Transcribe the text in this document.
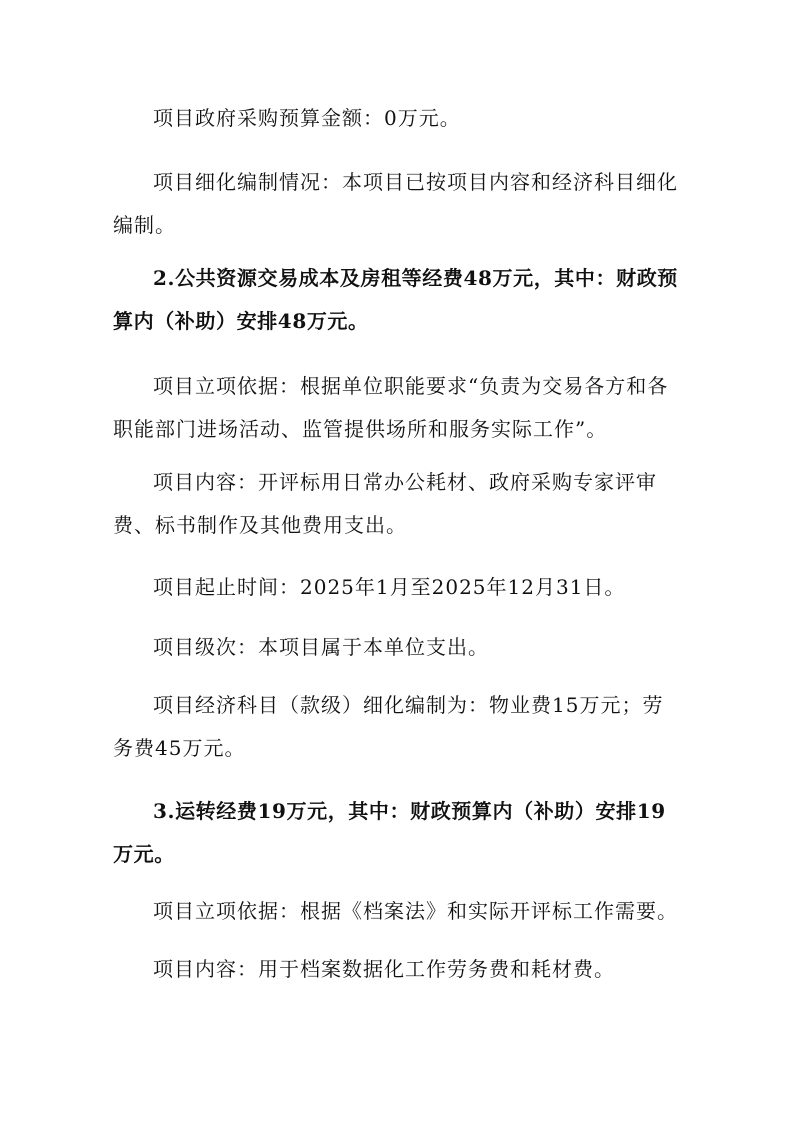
项目政府采购预算金额：0万元。

项目细化编制情况：本项目已按项目内容和经济科目细化编制。

2.公共资源交易成本及房租等经费48万元，其中：财政预算内（补助）安排48万元。

项目立项依据：根据单位职能要求“负责为交易各方和各职能部门进场活动、监管提供场所和服务实际工作”。

项目内容：开评标用日常办公耗材、政府采购专家评审费、标书制作及其他费用支出。

项目起止时间：2025年1月至2025年12月31日。

项目级次：本项目属于本单位支出。

项目经济科目（款级）细化编制为：物业费15万元；劳务费45万元。

3.运转经费19万元，其中：财政预算内（补助）安排19万元。

项目立项依据：根据《档案法》和实际开评标工作需要。

项目内容：用于档案数据化工作劳务费和耗材费。
